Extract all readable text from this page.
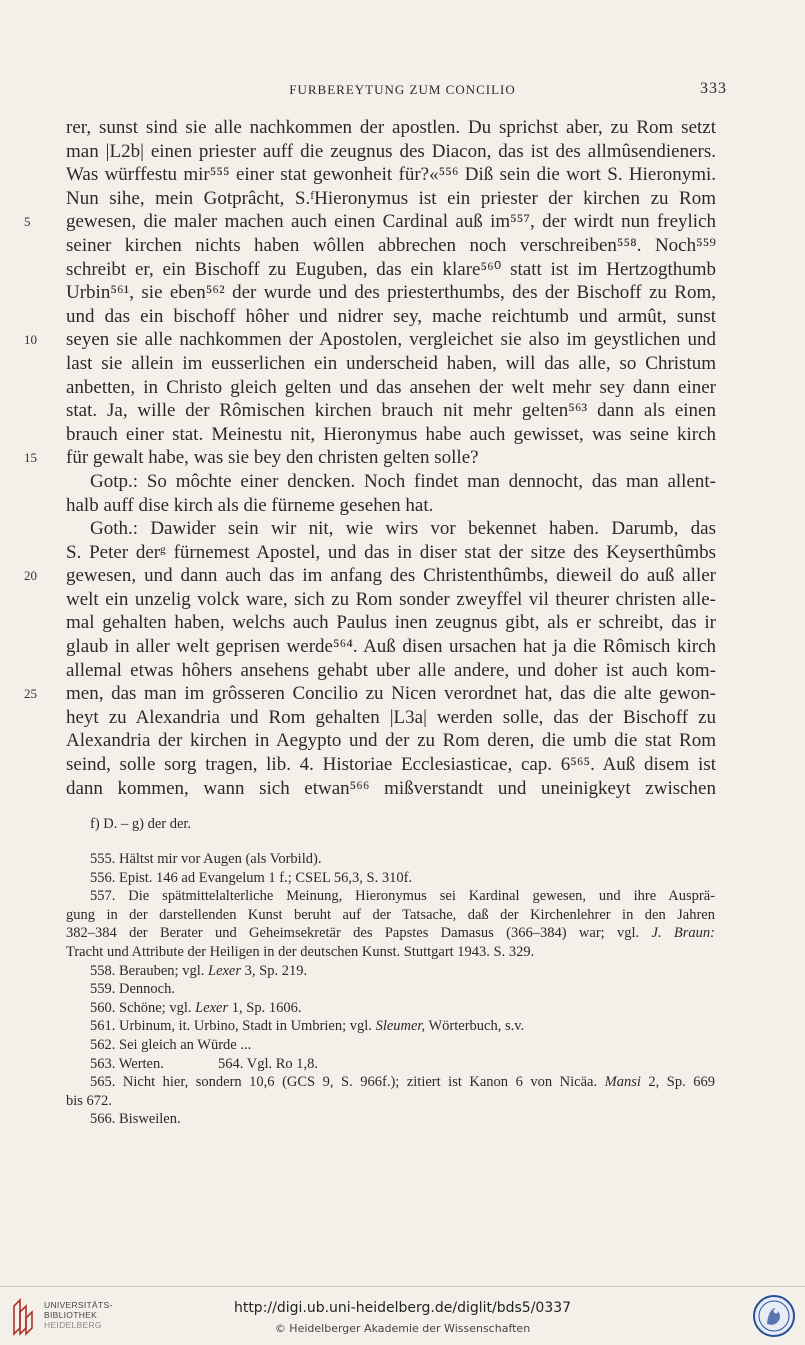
FURBEREYTUNG ZUM CONCILIO	333
rer, sunst sind sie alle nachkommen der apostlen. Du sprichst aber, zu Rom setzt
man |L2b| einen priester auff die zeugnus des Diacon, das ist des allmûsendieners.
Was würffestu mir⁵⁵⁵ einer stat gewonheit für?«⁵⁵⁶ Diß sein die wort S. Hieronymi.
Nun sihe, mein Gotprâcht, S.ᶠHieronymus ist ein priester der kirchen zu Rom
5	gewesen, die maler machen auch einen Cardinal auß im⁵⁵⁷, der wirdt nun freylich
seiner kirchen nichts haben wôllen abbrechen noch verschreiben⁵⁵⁸. Noch⁵⁵⁹
schreibt er, ein Bischoff zu Euguben, das ein klare⁵⁶⁰ statt ist im Hertzogthumb
Urbin⁵⁶¹, sie eben⁵⁶² der wurde und des priesterthumbs, des der Bischoff zu Rom,
und das ein bischoff hôher und nidrer sey, mache reichtumb und armût, sunst
10	seyen sie alle nachkommen der Apostolen, vergleichet sie also im geystlichen und
last sie allein im eusserlichen ein underscheid haben, will das alle, so Christum
anbetten, in Christo gleich gelten und das ansehen der welt mehr sey dann einer
stat. Ja, wille der Rômischen kirchen brauch nit mehr gelten⁵⁶³ dann als einen
brauch einer stat. Meinestu nit, Hieronymus habe auch gewisset, was seine kirch
15	für gewalt habe, was sie bey den christen gelten solle?
Gotp.: So môchte einer dencken. Noch findet man dennocht, das man allent-
halb auff dise kirch als die fürneme gesehen hat.
Goth.: Dawider sein wir nit, wie wirs vor bekennet haben. Darumb, das
S. Peter derᵍ fürnemest Apostel, und das in diser stat der sitze des Keyserthûmbs
20	gewesen, und dann auch das im anfang des Christenthûmbs, dieweil do auß aller
welt ein unzelig volck ware, sich zu Rom sonder zweyffel vil theurer christen alle-
mal gehalten haben, welchs auch Paulus inen zeugnus gibt, als er schreibt, das ir
glaub in aller welt geprisen werde⁵⁶⁴. Auß disen ursachen hat ja die Rômisch kirch
allemal etwas hôhers ansehens gehabt uber alle andere, und doher ist auch kom-
25	men, das man im grôsseren Concilio zu Nicen verordnet hat, das die alte gewon-
heyt zu Alexandria und Rom gehalten |L3a| werden solle, das der Bischoff zu
Alexandria der kirchen in Aegypto und der zu Rom deren, die umb die stat Rom
seind, solle sorg tragen, lib. 4. Historiae Ecclesiasticae, cap. 6⁵⁶⁵. Auß disem ist
dann kommen, wann sich etwan⁵⁶⁶ mißverstandt und uneinigkeyt zwischen
f) D. – g) der der.
555. Hältst mir vor Augen (als Vorbild).
556. Epist. 146 ad Evangelum 1 f.; CSEL 56,3, S. 310f.
557. Die spätmittelalterliche Meinung, Hieronymus sei Kardinal gewesen, und ihre Ausprä-
gung in der darstellenden Kunst beruht auf der Tatsache, daß der Kirchenlehrer in den Jahren
382–384 der Berater und Geheimsekretär des Papstes Damasus (366–384) war; vgl. J. Braun:
Tracht und Attribute der Heiligen in der deutschen Kunst. Stuttgart 1943. S. 329.
558. Berauben; vgl. Lexer 3, Sp. 219.
559. Dennoch.
560. Schöne; vgl. Lexer 1, Sp. 1606.
561. Urbinum, it. Urbino, Stadt in Umbrien; vgl. Sleumer, Wörterbuch, s.v.
562. Sei gleich an Würde ...
563. Werten.	564. Vgl. Ro 1,8.
565. Nicht hier, sondern 10,6 (GCS 9, S. 966f.); zitiert ist Kanon 6 von Nicäa. Mansi 2, Sp. 669
bis 672.
566. Bisweilen.
UNIVERSITÄTS-
BIBLIOTHEK
HEIDELBERG
http://digi.ub.uni-heidelberg.de/diglit/bds5/0337
© Heidelberger Akademie der Wissenschaften
